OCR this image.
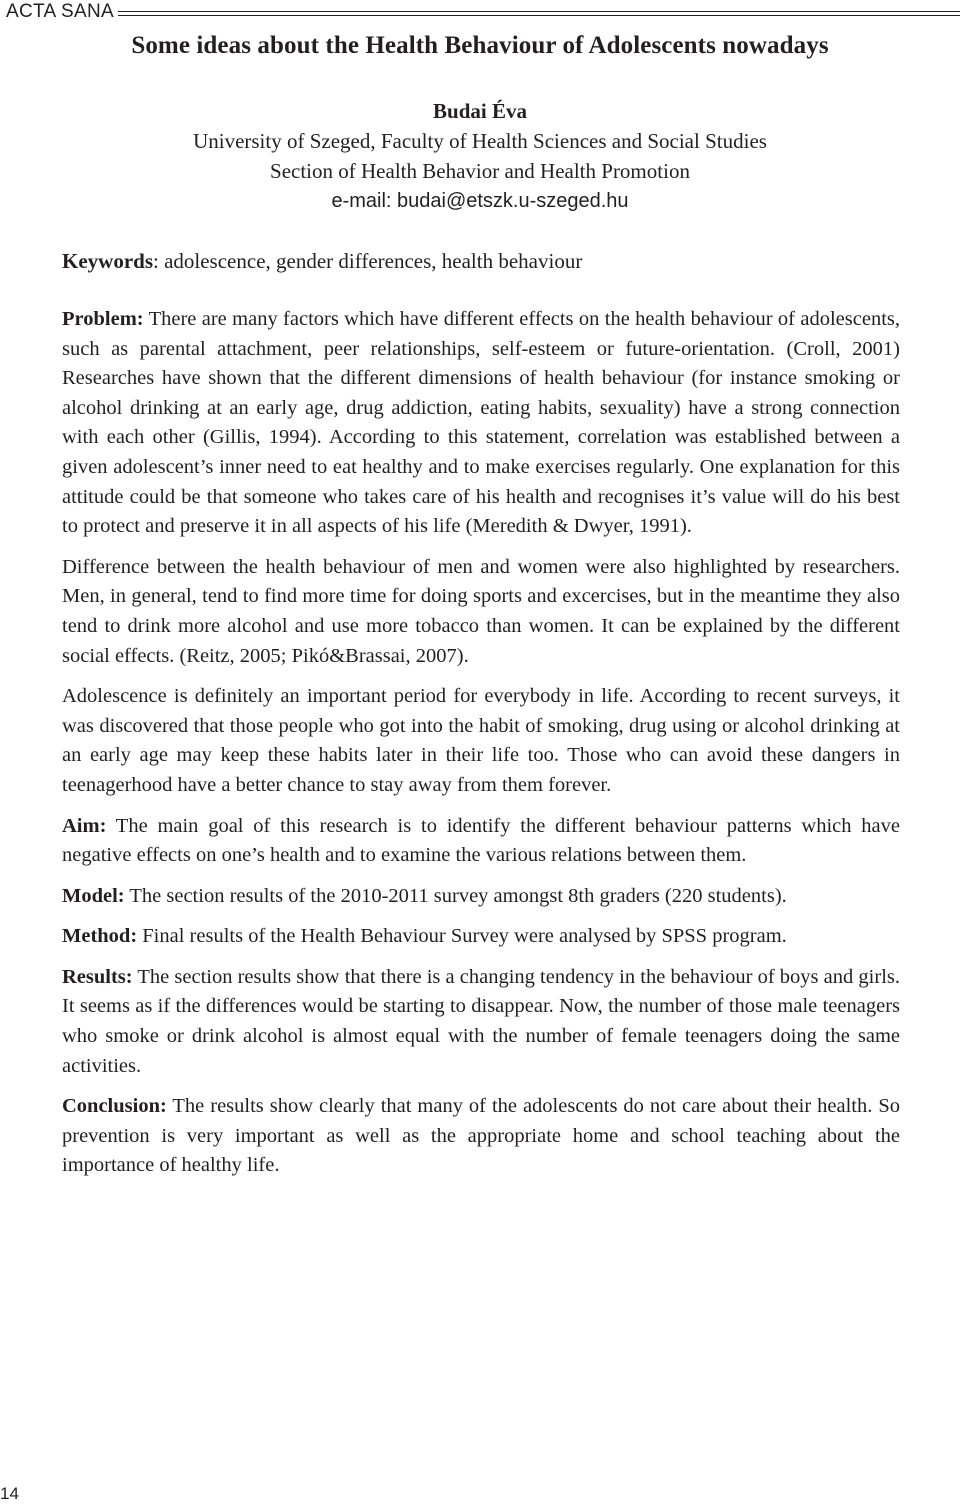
ACTA SANA
Some ideas about the Health Behaviour of Adolescents nowadays
Budai Éva
University of Szeged, Faculty of Health Sciences and Social Studies
Section of Health Behavior and Health Promotion
e-mail: budai@etszk.u-szeged.hu
Keywords: adolescence, gender differences, health behaviour

Problem: There are many factors which have different effects on the health behaviour of adolescents, such as parental attachment, peer relationships, self-esteem or future-orientation. (Croll, 2001) Researches have shown that the different dimensions of health behaviour (for instance smoking or alcohol drinking at an early age, drug addiction, eating habits, sexuality) have a strong connection with each other (Gillis, 1994). According to this statement, correlation was established between a given adolescent’s inner need to eat healthy and to make exercises regularly. One explanation for this attitude could be that someone who takes care of his health and recognises it’s value will do his best to protect and preserve it in all aspects of his life (Meredith & Dwyer, 1991).

Difference between the health behaviour of men and women were also highlighted by researchers. Men, in general, tend to find more time for doing sports and excercises, but in the meantime they also tend to drink more alcohol and use more tobacco than women. It can be explained by the different social effects. (Reitz, 2005; Pikó&Brassai, 2007).

Adolescence is definitely an important period for everybody in life. According to recent surveys, it was discovered that those people who got into the habit of smoking, drug using or alcohol drinking at an early age may keep these habits later in their life too. Those who can avoid these dangers in teenagerhood have a better chance to stay away from them forever.

Aim: The main goal of this research is to identify the different behaviour patterns which have negative effects on one’s health and to examine the various relations between them.

Model: The section results of the 2010-2011 survey amongst 8th graders (220 students).

Method: Final results of the Health Behaviour Survey were analysed by SPSS program.

Results: The section results show that there is a changing tendency in the behaviour of boys and girls. It seems as if the differences would be starting to disappear. Now, the number of those male teenagers who smoke or drink alcohol is almost equal with the number of female teenagers doing the same activities.

Conclusion: The results show clearly that many of the adolescents do not care about their health. So prevention is very important as well as the appropriate home and school teaching about the importance of healthy life.

14
